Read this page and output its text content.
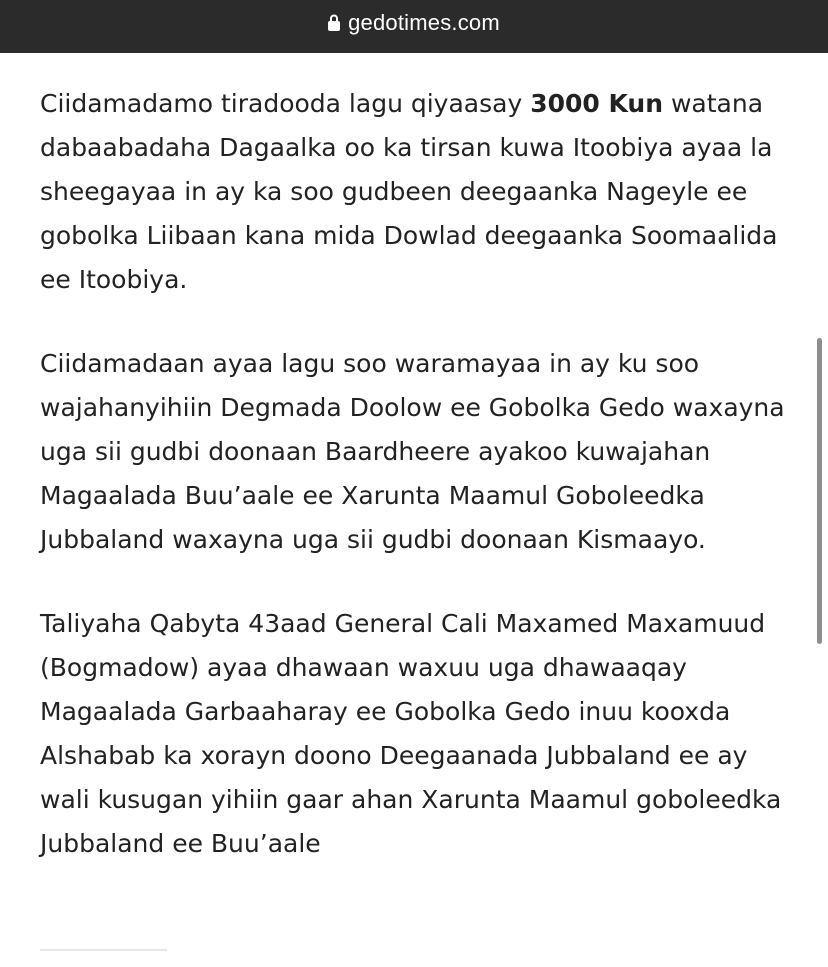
gedotimes.com

Ciidamadamo tiradooda lagu qiyaasay 3000 Kun watana dabaabadaha Dagaalka oo ka tirsan kuwa Itoobiya ayaa la sheegayaa in ay ka soo gudbeen deegaanka Nageyle ee gobolka Liibaan kana mida Dowlad deegaanka Soomaalida ee Itoobiya.

Ciidamadaan ayaa lagu soo waramayaa in ay ku soo wajahanyihiin Degmada Doolow ee Gobolka Gedo waxayna uga sii gudbi doonaan Baardheere ayakoo kuwajahan Magaalada Buu’aale ee Xarunta Maamul Goboleedka Jubbaland waxayna uga sii gudbi doonaan Kismaayo.

Taliyaha Qabyta 43aad General Cali Maxamed Maxamuud (Bogmadow) ayaa dhawaan waxuu uga dhawaaqay Magaalada Garbaaharay ee Gobolka Gedo inuu kooxda Alshabab ka xorayn doono Deegaanada Jubbaland ee ay wali kusugan yihiin gaar ahan Xarunta Maamul goboleedka Jubbaland ee Buu’aale
